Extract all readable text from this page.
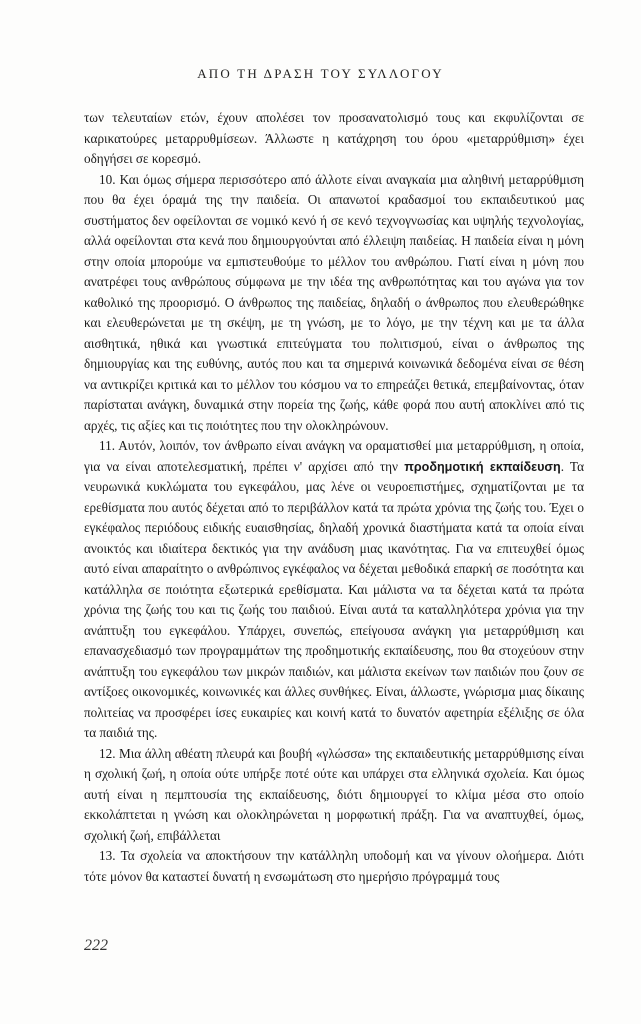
ΑΠΟ ΤΗ ΔΡΑΣΗ ΤΟΥ ΣΥΛΛΟΓΟΥ

των τελευταίων ετών, έχουν απολέσει τον προσανατολισμό τους και εκφυλίζονται σε καρικατούρες μεταρρυθμίσεων. Άλλωστε η κατάχρηση του όρου «μεταρρύθμιση» έχει οδηγήσει σε κορεσμό.

10. Και όμως σήμερα περισσότερο από άλλοτε είναι αναγκαία μια αληθινή μεταρρύθμιση που θα έχει όραμά της την παιδεία. Οι απανωτοί κραδασμοί του εκπαιδευτικού μας συστήματος δεν οφείλονται σε νομικό κενό ή σε κενό τεχνογνωσίας και υψηλής τεχνολογίας, αλλά οφείλονται στα κενά που δημιουργούνται από έλλειψη παιδείας. Η παιδεία είναι η μόνη στην οποία μπορούμε να εμπιστευθούμε το μέλλον του ανθρώπου. Γιατί είναι η μόνη που ανατρέφει τους ανθρώπους σύμφωνα με την ιδέα της ανθρωπότητας και του αγώνα για τον καθολικό της προορισμό. Ο άνθρωπος της παιδείας, δηλαδή ο άνθρωπος που ελευθερώθηκε και ελευθερώνεται με τη σκέψη, με τη γνώση, με το λόγο, με την τέχνη και με τα άλλα αισθητικά, ηθικά και γνωστικά επιτεύγματα του πολιτισμού, είναι ο άνθρωπος της δημιουργίας και της ευθύνης, αυτός που και τα σημερινά κοινωνικά δεδομένα είναι σε θέση να αντικρίζει κριτικά και το μέλλον του κόσμου να το επηρεάζει θετικά, επεμβαίνοντας, όταν παρίσταται ανάγκη, δυναμικά στην πορεία της ζωής, κάθε φορά που αυτή αποκλίνει από τις αρχές, τις αξίες και τις ποιότητες που την ολοκληρώνουν.

11. Αυτόν, λοιπόν, τον άνθρωπο είναι ανάγκη να οραματισθεί μια μεταρρύθμιση, η οποία, για να είναι αποτελεσματική, πρέπει ν' αρχίσει από την προδημοτική εκπαίδευση. Τα νευρωνικά κυκλώματα του εγκεφάλου, μας λένε οι νευροεπιστήμες, σχηματίζονται με τα ερεθίσματα που αυτός δέχεται από το περιβάλλον κατά τα πρώτα χρόνια της ζωής του. Έχει ο εγκέφαλος περιόδους ειδικής ευαισθησίας, δηλαδή χρονικά διαστήματα κατά τα οποία είναι ανοικτός και ιδιαίτερα δεκτικός για την ανάδυση μιας ικανότητας. Για να επιτευχθεί όμως αυτό είναι απαραίτητο ο ανθρώπινος εγκέφαλος να δέχεται μεθοδικά επαρκή σε ποσότητα και κατάλληλα σε ποιότητα εξωτερικά ερεθίσματα. Και μάλιστα να τα δέχεται κατά τα πρώτα χρόνια της ζωής του και τις ζωής του παιδιού. Είναι αυτά τα καταλληλότερα χρόνια για την ανάπτυξη του εγκεφάλου. Υπάρχει, συνεπώς, επείγουσα ανάγκη για μεταρρύθμιση και επανασχεδιασμό των προγραμμάτων της προδημοτικής εκπαίδευσης, που θα στοχεύουν στην ανάπτυξη του εγκεφάλου των μικρών παιδιών, και μάλιστα εκείνων των παιδιών που ζουν σε αντίξοες οικονομικές, κοινωνικές και άλλες συνθήκες. Είναι, άλλωστε, γνώρισμα μιας δίκαιης πολιτείας να προσφέρει ίσες ευκαιρίες και κοινή κατά το δυνατόν αφετηρία εξέλιξης σε όλα τα παιδιά της.

12. Μια άλλη αθέατη πλευρά και βουβή «γλώσσα» της εκπαιδευτικής μεταρρύθμισης είναι η σχολική ζωή, η οποία ούτε υπήρξε ποτέ ούτε και υπάρχει στα ελληνικά σχολεία. Και όμως αυτή είναι η πεμπτουσία της εκπαίδευσης, διότι δημιουργεί το κλίμα μέσα στο οποίο εκκολάπτεται η γνώση και ολοκληρώνεται η μορφωτική πράξη. Για να αναπτυχθεί, όμως, σχολική ζωή, επιβάλλεται

13. Τα σχολεία να αποκτήσουν την κατάλληλη υποδομή και να γίνουν ολοήμερα. Διότι τότε μόνον θα καταστεί δυνατή η ενσωμάτωση στο ημερήσιο πρόγραμμά τους

222
